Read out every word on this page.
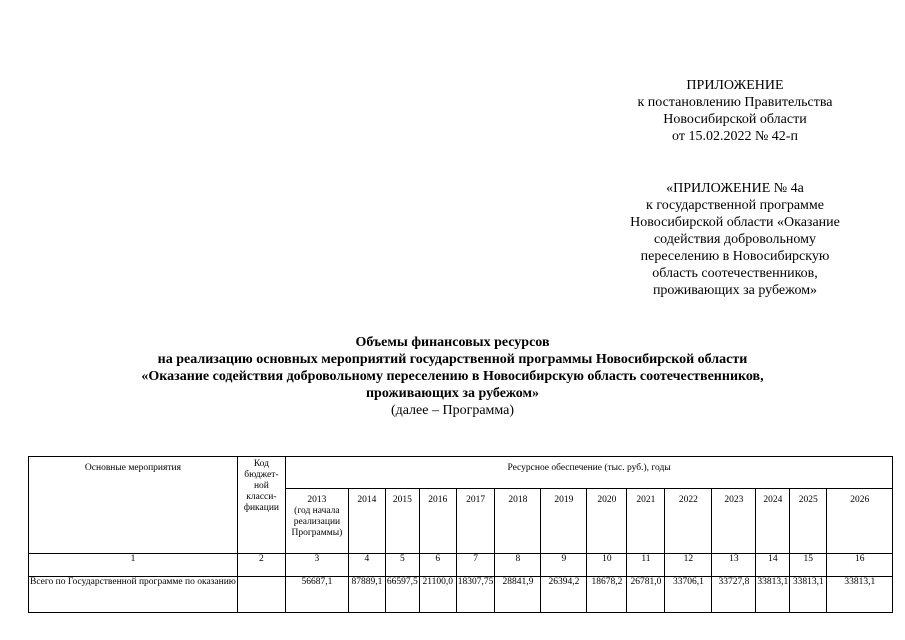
ПРИЛОЖЕНИЕ
к постановлению Правительства
Новосибирской области
от 15.02.2022 № 42-п
«ПРИЛОЖЕНИЕ № 4а
к государственной программе
Новосибирской области «Оказание
содействия добровольному
переселению в Новосибирскую
область соотечественников,
проживающих за рубежом»
Объемы финансовых ресурсов
на реализацию основных мероприятий государственной программы Новосибирской области
«Оказание содействия добровольному переселению в Новосибирскую область соотечественников,
проживающих за рубежом»
(далее – Программа)
Основные мероприятия	Код
бюджет-
ной
класси-
фикации	Ресурсное обеспечение (тыс. руб.), годы													

		2013
(год начала
реализации
Программы)	2014	2015	2016	2017	2018	2019	2020	2021	2022	2023	2024	2025	2026

1	2	3	4	5	6	7	8	9	10	11	12	13	14	15	16
Всего по Государственной программе по оказанию		56687,1	87889,1	66597,5	21100,0	18307,75	28841,9	26394,2	18678,2	26781,0	33706,1	33727,8	33813,1	33813,1	33813,1
